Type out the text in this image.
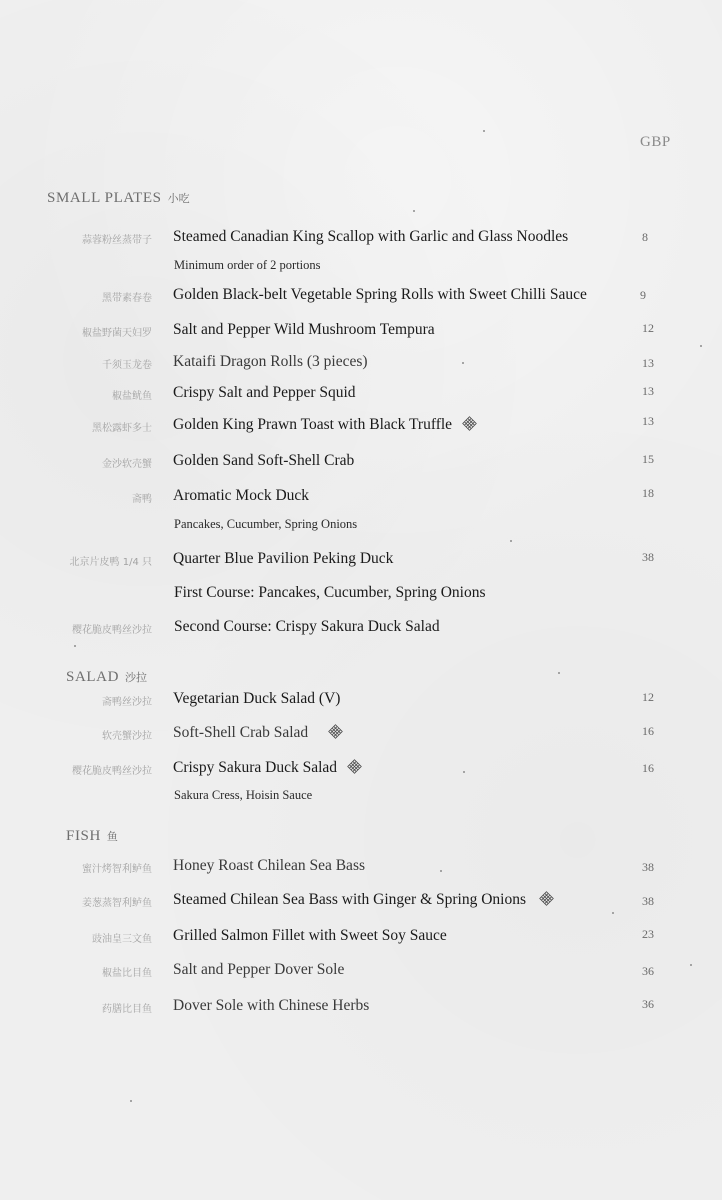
GBP
SMALL PLATES 小吃
蒜蓉粉丝蒸带子 Steamed Canadian King Scallop with Garlic and Glass Noodles	8
Minimum order of 2 portions
黑带素春卷 Golden Black-belt Vegetable Spring Rolls with Sweet Chilli Sauce	9
椒盐野菌天妇罗 Salt and Pepper Wild Mushroom Tempura	12
千须玉龙卷 Kataifi Dragon Rolls (3 pieces)	13
椒盐鱿鱼 Crispy Salt and Pepper Squid	13
黑松露虾多士 Golden King Prawn Toast with Black Truffle	13
金沙软壳蟹 Golden Sand Soft-Shell Crab	15
斋鸭 Aromatic Mock Duck	18
Pancakes, Cucumber, Spring Onions
北京片皮鸭 1/4 只 Quarter Blue Pavilion Peking Duck	38
First Course: Pancakes, Cucumber, Spring Onions
樱花脆皮鸭丝沙拉 Second Course: Crispy Sakura Duck Salad
SALAD 沙拉
斋鸭丝沙拉 Vegetarian Duck Salad (V)	12
软壳蟹沙拉 Soft-Shell Crab Salad	16
樱花脆皮鸭丝沙拉 Crispy Sakura Duck Salad	16
Sakura Cress, Hoisin Sauce
FISH 鱼
蜜汁烤智利鲈鱼 Honey Roast Chilean Sea Bass	38
姜葱蒸智利鲈鱼 Steamed Chilean Sea Bass with Ginger & Spring Onions	38
豉油皇三文鱼 Grilled Salmon Fillet with Sweet Soy Sauce	23
椒盐比目鱼 Salt and Pepper Dover Sole	36
药膳比目鱼 Dover Sole with Chinese Herbs	36
